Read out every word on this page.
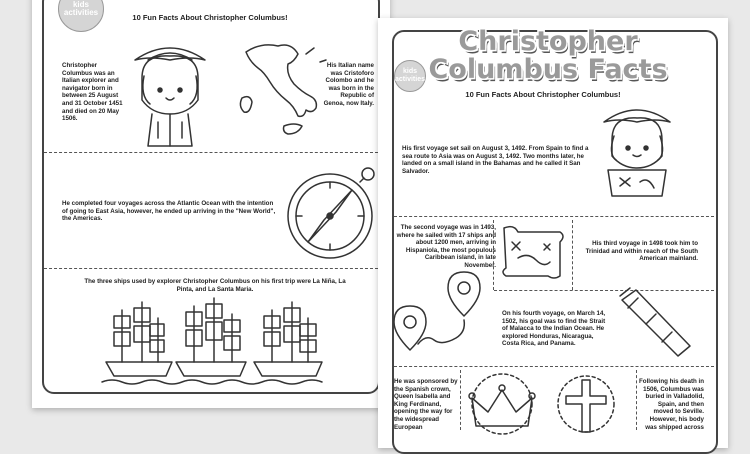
kids activities
10 Fun Facts About Christopher Columbus!
Christopher Columbus was an Italian explorer and navigator born in between 25 August and 31 October 1451 and died on 20 May 1506.
His Italian name was Cristoforo Colombo and he was born in the Republic of Genoa, now Italy.
He completed four voyages across the Atlantic Ocean with the intention of going to East Asia, however, he ended up arriving in the "New World", the Americas.
The three ships used by explorer Christopher Columbus on his first trip were La Niña, La Pinta, and La Santa Maria.
Christopher Columbus Facts
kids activities
10 Fun Facts About Christopher Columbus!
His first voyage set sail on August 3, 1492. From Spain to find a sea route to Asia was on August 3, 1492. Two months later, he landed on a small island in the Bahamas and he called it San Salvador.
The second voyage was in 1493, where he sailed with 17 ships and about 1200 men, arriving in Hispaniola, the most populous Caribbean island, in late November.
His third voyage in 1498 took him to Trinidad and within reach of the South American mainland.
On his fourth voyage, on March 14, 1502, his goal was to find the Strait of Malacca to the Indian Ocean. He explored Honduras, Nicaragua, Costa Rica, and Panama.
He was sponsored by the Spanish crown, Queen Isabella and King Ferdinand, opening the way for the widespread European
Following his death in 1506, Columbus was buried in Valladolid, Spain, and then moved to Seville. However, his body was shipped across
